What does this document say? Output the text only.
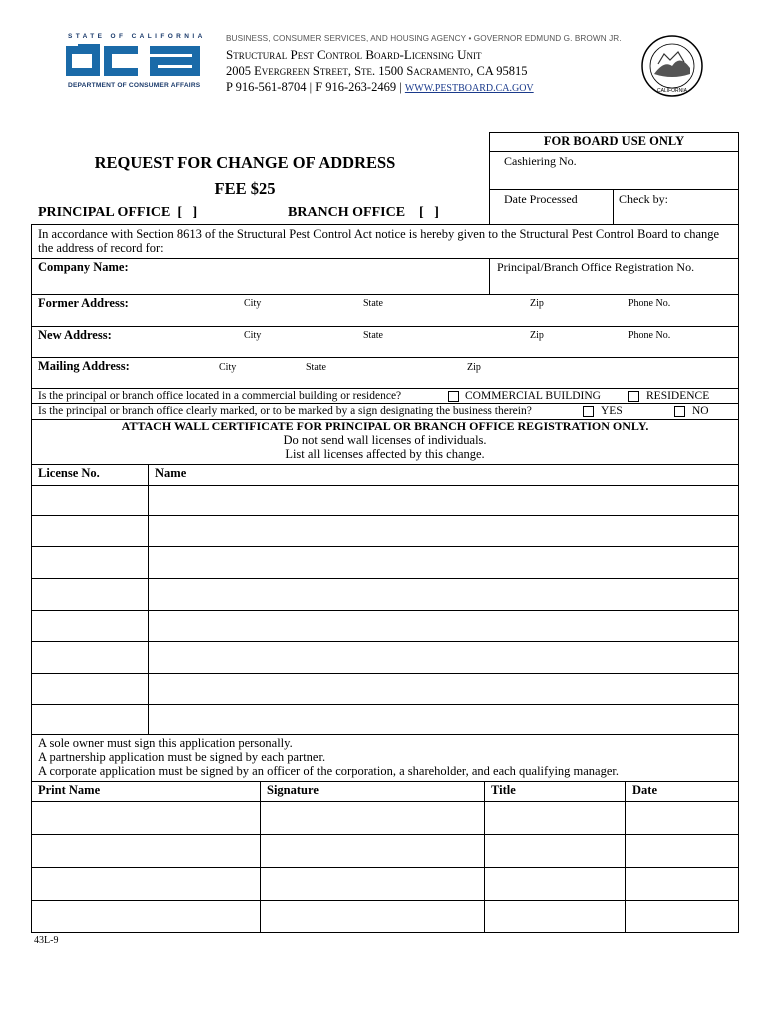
STATE OF CALIFORNIA
DEPARTMENT OF CONSUMER AFFAIRS
BUSINESS, CONSUMER SERVICES, AND HOUSING AGENCY • GOVERNOR EDMUND G. BROWN JR.
Structural Pest Control Board-Licensing Unit
2005 Evergreen Street, Ste. 1500 Sacramento, CA 95815
P 916-561-8704 | F 916-263-2469 | WWW.PESTBOARD.CA.GOV	CALIFORNIA
FOR BOARD USE ONLY
Cashiering No.
Date Processed	Check by:
REQUEST FOR CHANGE OF ADDRESS
FEE $25
PRINCIPAL OFFICE  [   ]	BRANCH OFFICE    [   ]
In accordance with Section 8613 of the Structural Pest Control Act notice is hereby given to the Structural Pest Control Board to change the address of record for:
Company Name:	Principal/Branch Office Registration No.
Former Address:	City	State	Zip	Phone No.
New Address:	City	State	Zip	Phone No.
Mailing Address:	City	State	Zip
Is the principal or branch office located in a commercial building or residence?	COMMERCIAL BUILDING	RESIDENCE
Is the principal or branch office clearly marked, or to be marked by a sign designating the business therein?	YES	NO
ATTACH WALL CERTIFICATE FOR PRINCIPAL OR BRANCH OFFICE REGISTRATION ONLY.
Do not send wall licenses of individuals.
List all licenses affected by this change.
License No.	Name
A sole owner must sign this application personally.
A partnership application must be signed by each partner.
A corporate application must be signed by an officer of the corporation, a shareholder, and each qualifying manager.
Print Name	Signature	Title	Date
43L-9
